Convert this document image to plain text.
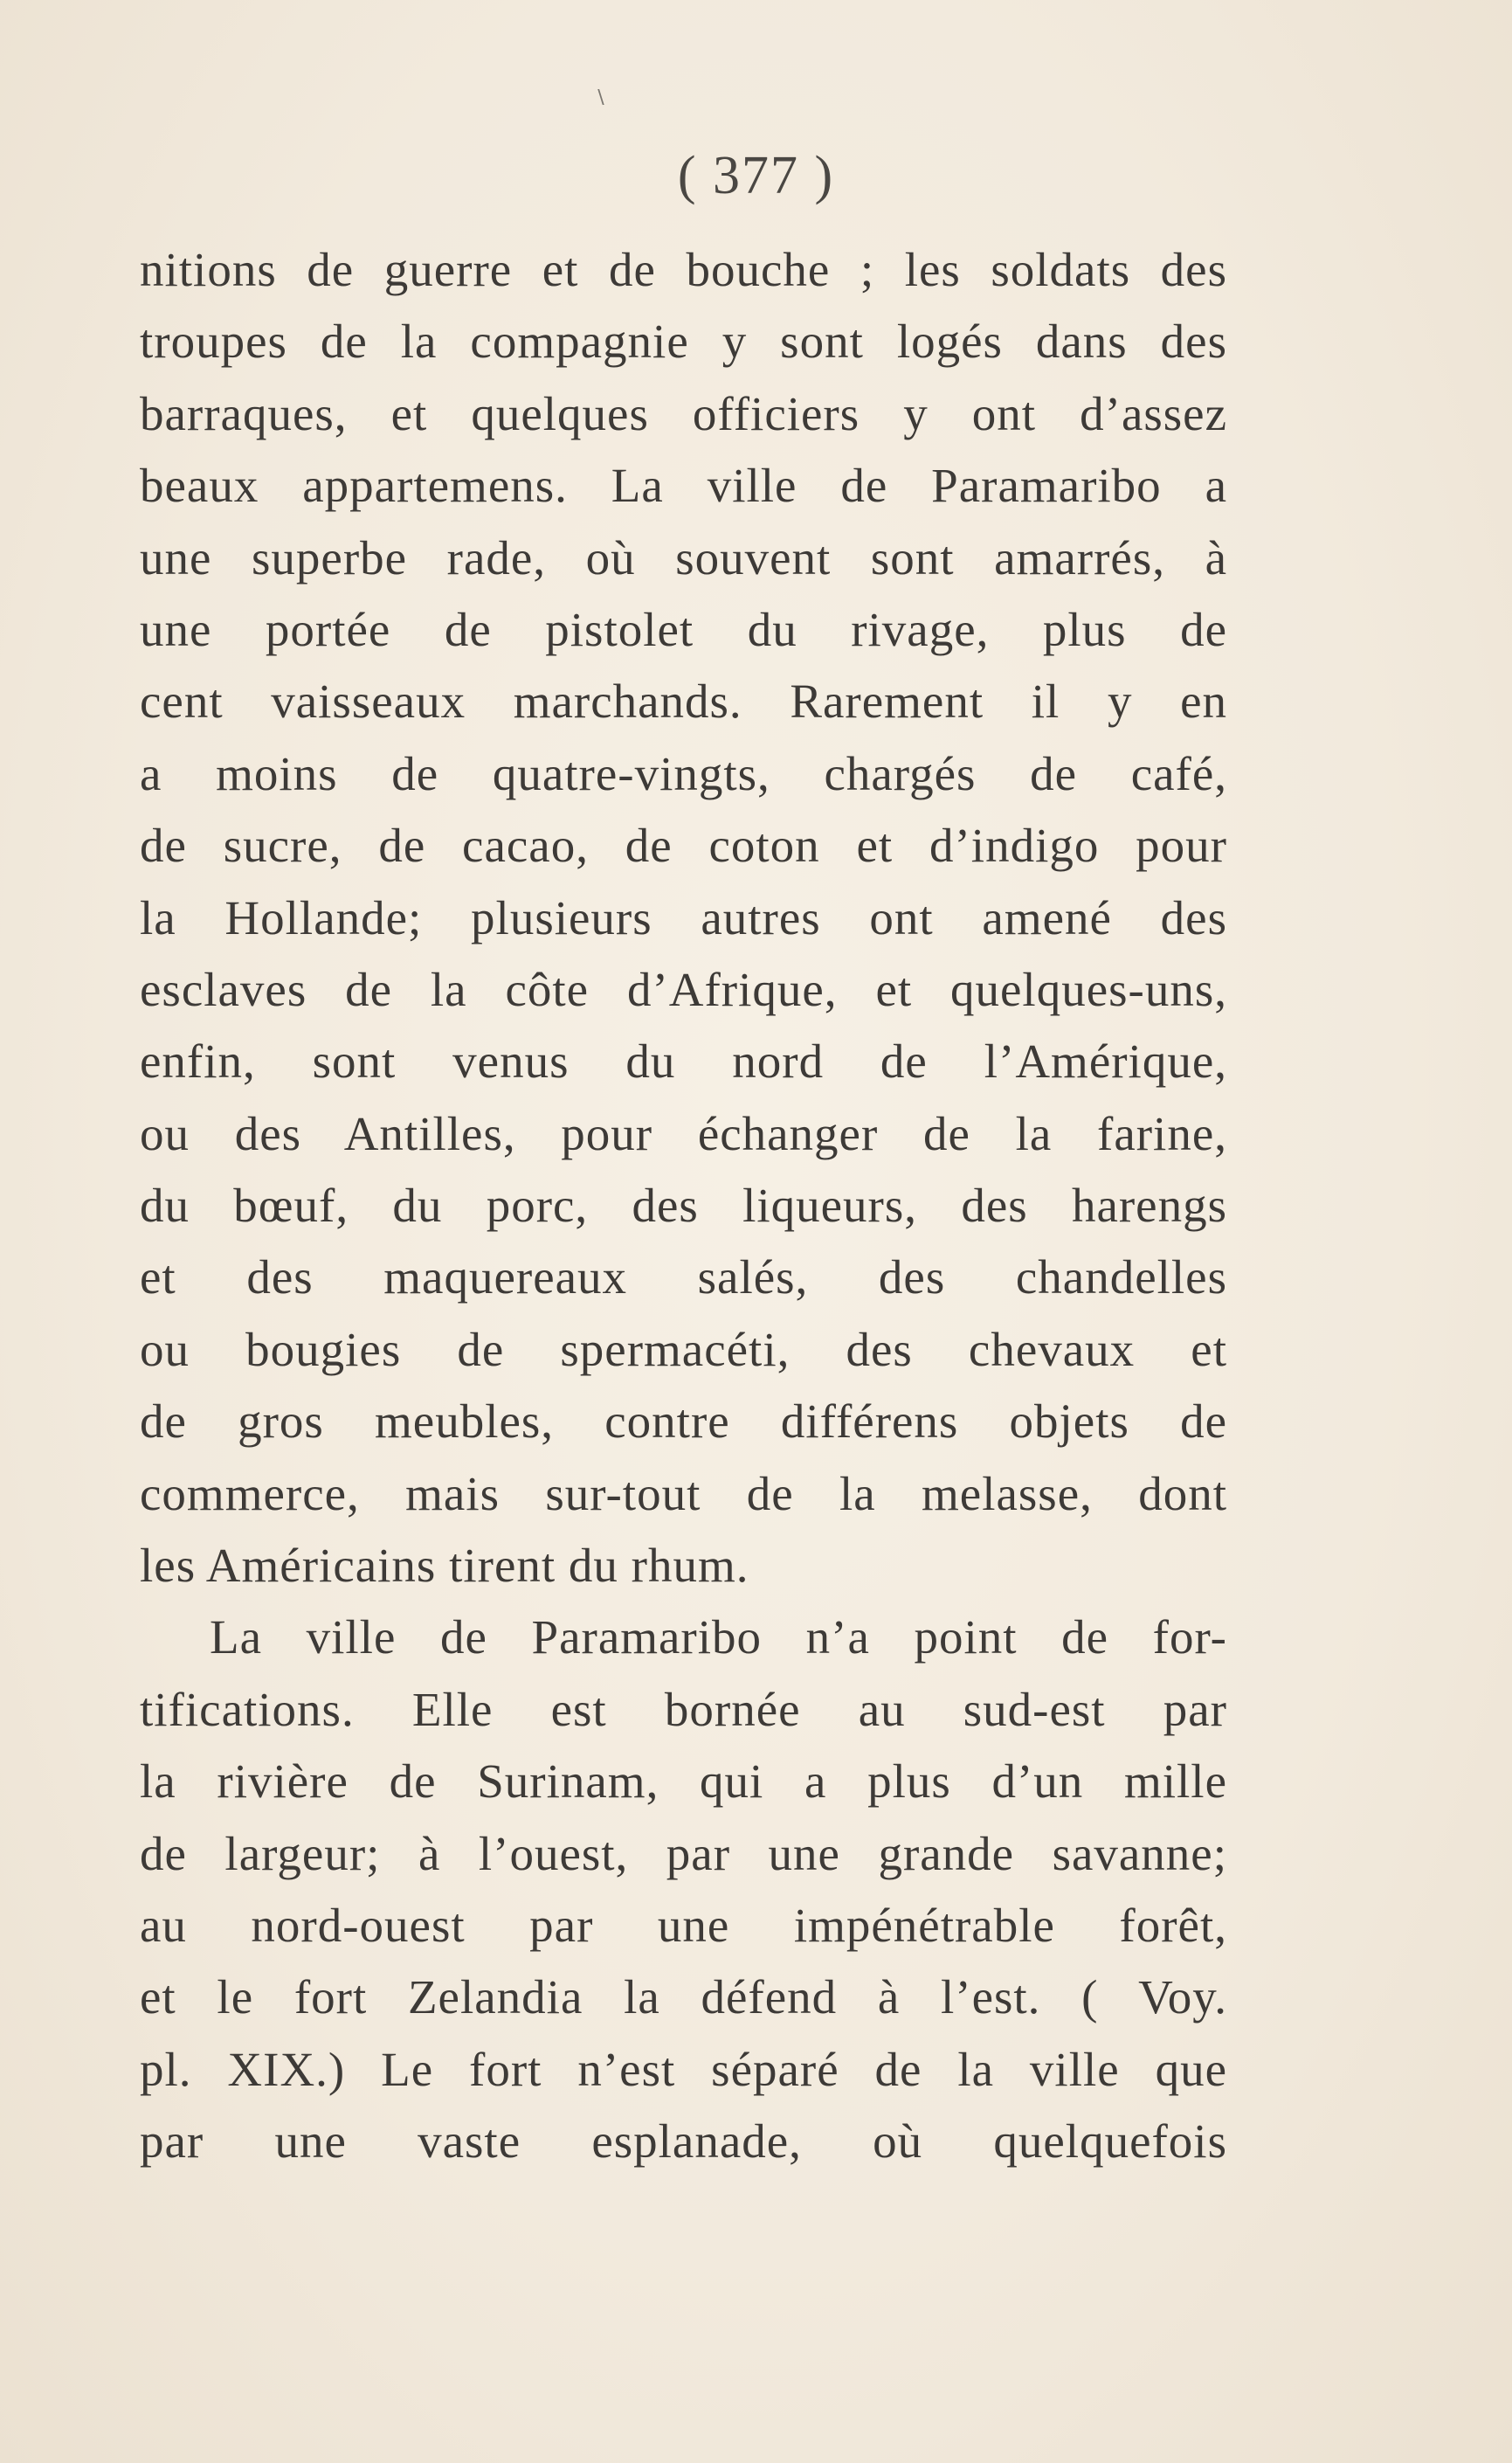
∖
( 377 )
nitions de guerre et de bouche ; les soldats des
troupes de la compagnie y sont logés dans des
barraques, et quelques officiers y ont d’assez
beaux appartemens. La ville de Paramaribo a
une superbe rade, où souvent sont amarrés, à
une portée de pistolet du rivage, plus de
cent vaisseaux marchands. Rarement il y en
a moins de quatre-vingts, chargés de café,
de sucre, de cacao, de coton et d’indigo pour
la Hollande; plusieurs autres ont amené des
esclaves de la côte d’Afrique, et quelques-uns,
enfin, sont venus du nord de l’Amérique,
ou des Antilles, pour échanger de la farine,
du bœuf, du porc, des liqueurs, des harengs
et des maquereaux salés, des chandelles
ou bougies de spermacéti, des chevaux et
de gros meubles, contre différens objets de
commerce, mais sur-tout de la melasse, dont
les Américains tirent du rhum.
La ville de Paramaribo n’a point de for-
tifications. Elle est bornée au sud-est par
la rivière de Surinam, qui a plus d’un mille
de largeur; à l’ouest, par une grande savanne;
au nord-ouest par une impénétrable forêt,
et le fort Zelandia la défend à l’est. ( Voy.
pl. XIX.) Le fort n’est séparé de la ville que
par une vaste esplanade, où quelquefois
